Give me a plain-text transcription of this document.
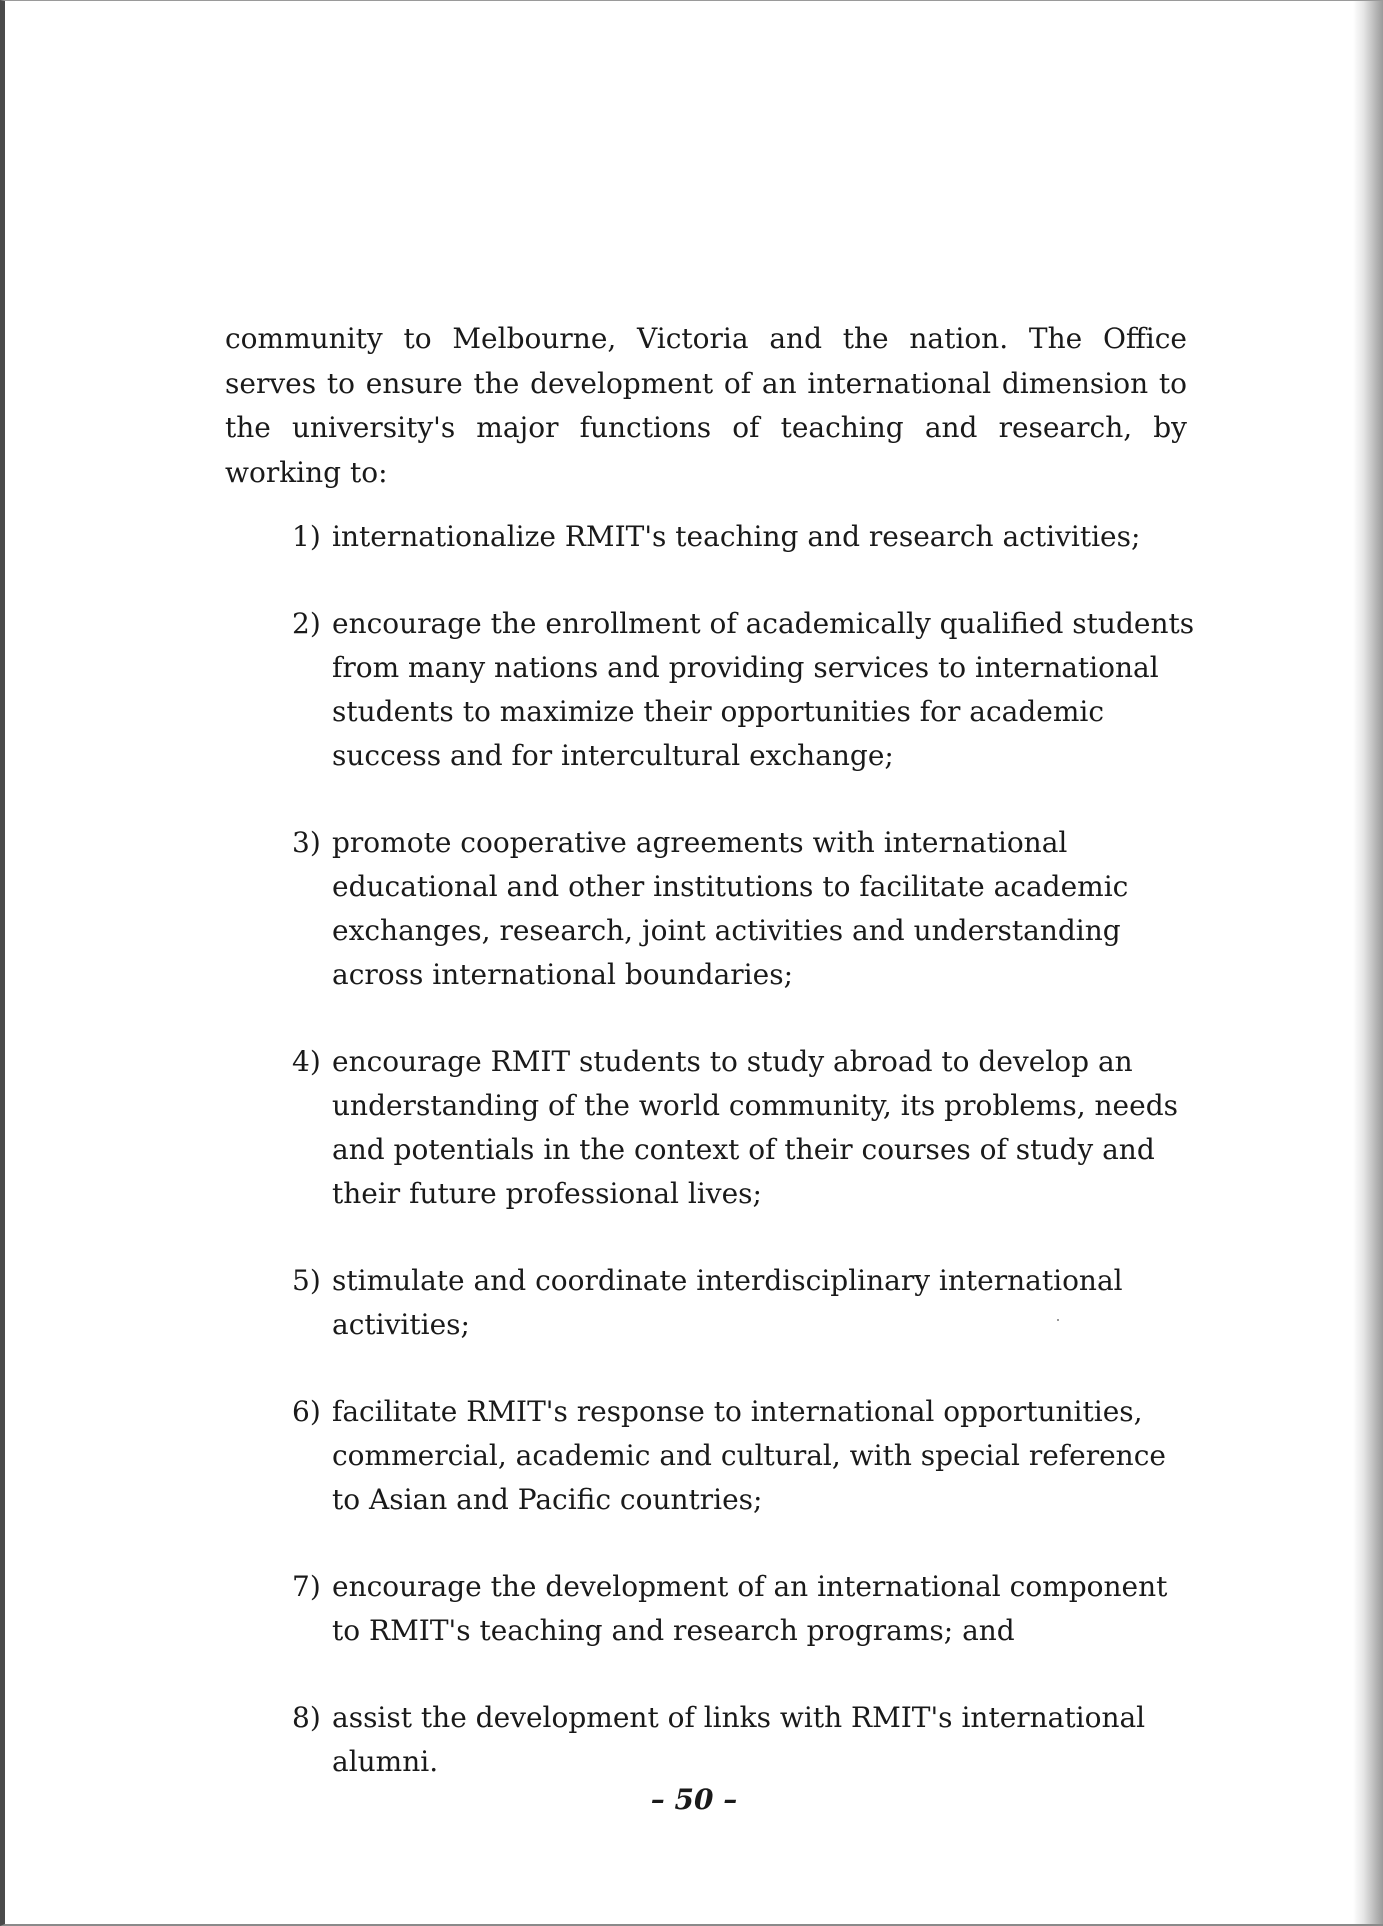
community to Melbourne, Victoria and the nation. The Office serves to ensure the development of an international dimension to the university's major functions of teaching and research, by working to:

1) internationalize RMIT's teaching and research activities;
2) encourage the enrollment of academically qualified students from many nations and providing services to international students to maximize their opportunities for academic success and for intercultural exchange;
3) promote cooperative agreements with international educational and other institutions to facilitate academic exchanges, research, joint activities and understanding across international boundaries;
4) encourage RMIT students to study abroad to develop an understanding of the world community, its problems, needs and potentials in the context of their courses of study and their future professional lives;
5) stimulate and coordinate interdisciplinary international activities;
6) facilitate RMIT's response to international opportunities, commercial, academic and cultural, with special reference to Asian and Pacific countries;
7) encourage the development of an international component to RMIT's teaching and research programs; and
8) assist the development of links with RMIT's international alumni.
– 50 –
